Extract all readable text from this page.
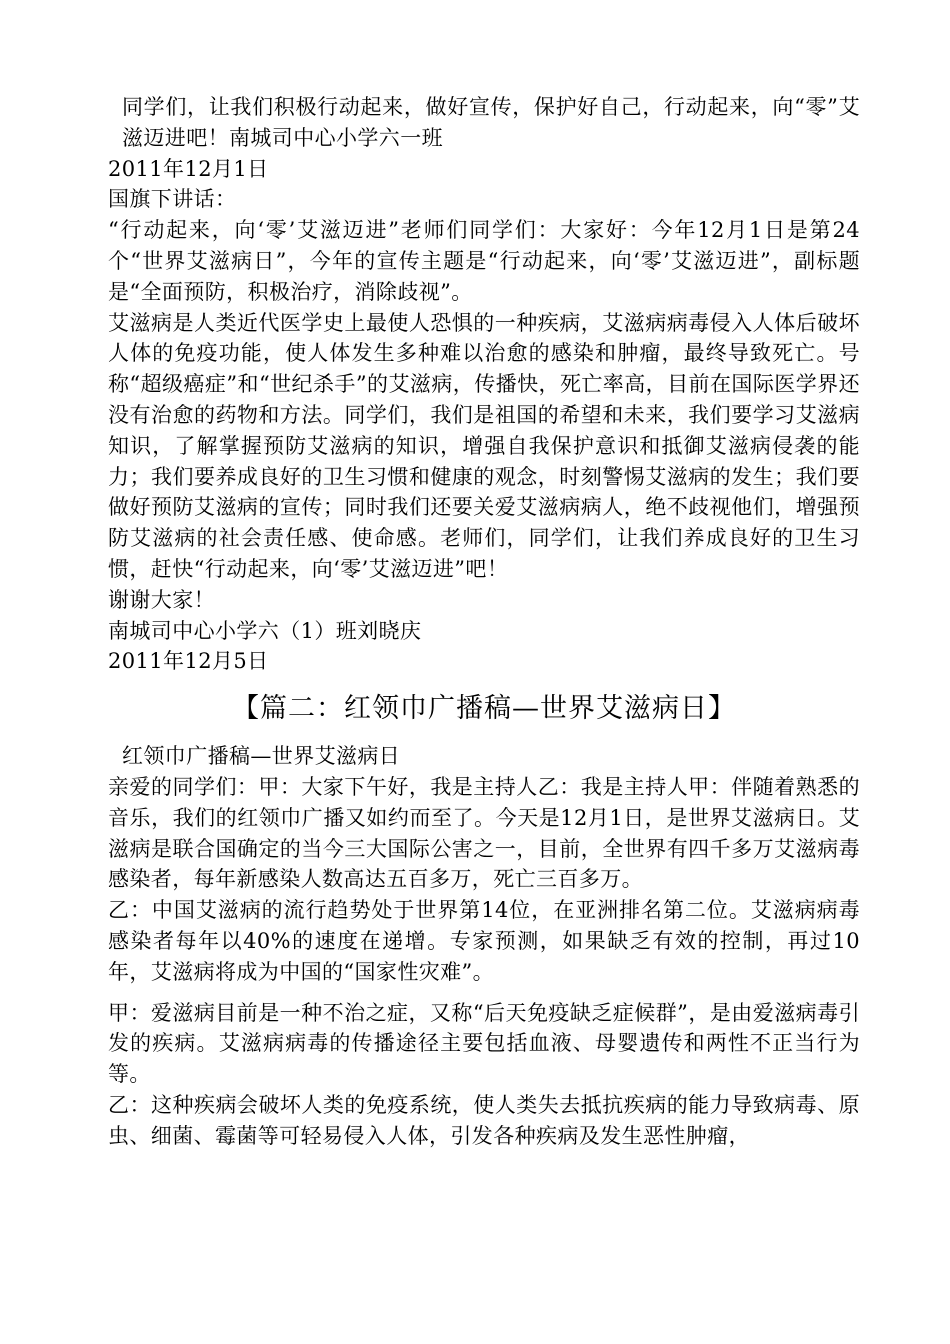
同学们，让我们积极行动起来，做好宣传，保护好自己，行动起来，向“零”艾滋迈进吧！南城司中心小学六一班

2011年12月1日

国旗下讲话：

“行动起来，向‘零’艾滋迈进”老师们同学们：大家好：今年12月1日是第24个“世界艾滋病日”，今年的宣传主题是“行动起来，向‘零’艾滋迈进”，副标题是“全面预防，积极治疗，消除歧视”。

艾滋病是人类近代医学史上最使人恐惧的一种疾病，艾滋病病毒侵入人体后破坏人体的免疫功能，使人体发生多种难以治愈的感染和肿瘤，最终导致死亡。号称“超级癌症”和“世纪杀手”的艾滋病，传播快，死亡率高，目前在国际医学界还没有治愈的药物和方法。同学们，我们是祖国的希望和未来，我们要学习艾滋病知识，了解掌握预防艾滋病的知识，增强自我保护意识和抵御艾滋病侵袭的能力；我们要养成良好的卫生习惯和健康的观念，时刻警惕艾滋病的发生；我们要做好预防艾滋病的宣传；同时我们还要关爱艾滋病病人，绝不歧视他们，增强预防艾滋病的社会责任感、使命感。老师们，同学们，让我们养成良好的卫生习惯，赶快“行动起来，向‘零’艾滋迈进”吧！

谢谢大家！

南城司中心小学六（1）班刘晓庆

2011年12月5日

【篇二：红领巾广播稿—世界艾滋病日】

红领巾广播稿—世界艾滋病日

亲爱的同学们：甲：大家下午好，我是主持人乙：我是主持人甲：伴随着熟悉的音乐，我们的红领巾广播又如约而至了。今天是12月1日，是世界艾滋病日。艾滋病是联合国确定的当今三大国际公害之一，目前，全世界有四千多万艾滋病毒感染者，每年新感染人数高达五百多万，死亡三百多万。

乙：中国艾滋病的流行趋势处于世界第14位，在亚洲排名第二位。艾滋病病毒感染者每年以40%的速度在递增。专家预测，如果缺乏有效的控制，再过10年，艾滋病将成为中国的“国家性灾难”。

甲：爱滋病目前是一种不治之症，又称“后天免疫缺乏症候群”，是由爱滋病毒引发的疾病。艾滋病病毒的传播途径主要包括血液、母婴遗传和两性不正当行为等。

乙：这种疾病会破坏人类的免疫系统，使人类失去抵抗疾病的能力导致病毒、原虫、细菌、霉菌等可轻易侵入人体，引发各种疾病及发生恶性肿瘤，
